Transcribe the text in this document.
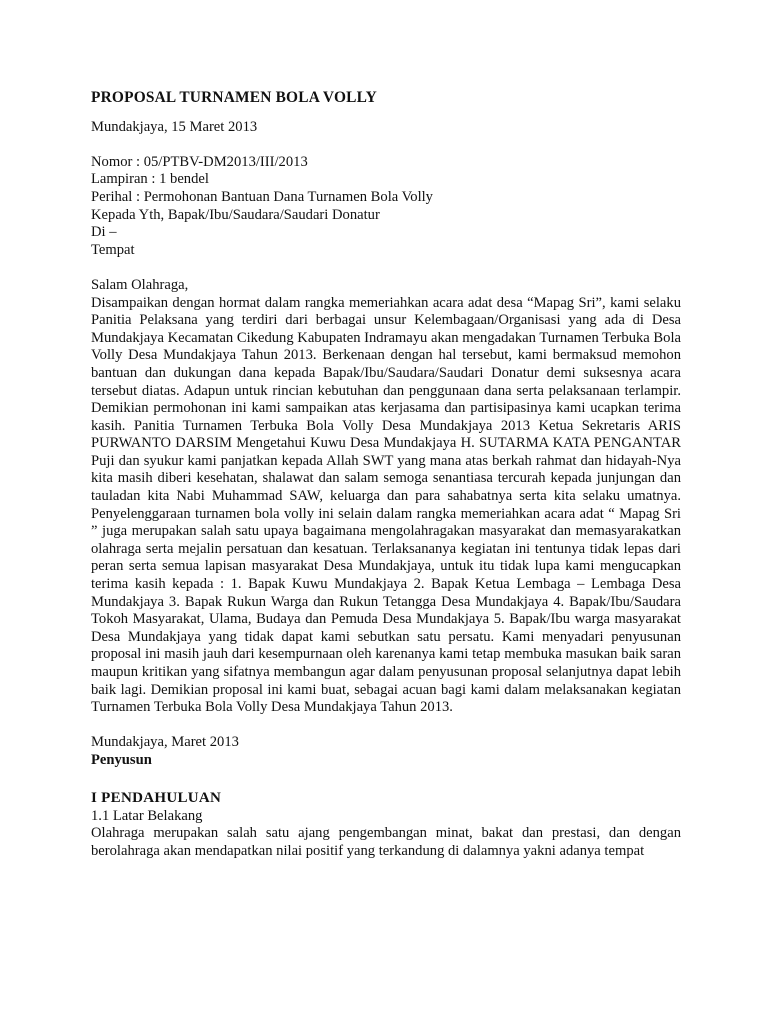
PROPOSAL TURNAMEN BOLA VOLLY

Mundakjaya, 15 Maret 2013

Nomor : 05/PTBV-DM2013/III/2013

Lampiran : 1 bendel

Perihal : Permohonan Bantuan Dana Turnamen Bola Volly

Kepada Yth, Bapak/Ibu/Saudara/Saudari Donatur

Di –

Tempat

Salam Olahraga,

Disampaikan dengan hormat dalam rangka memeriahkan acara adat desa “Mapag Sri”, kami selaku Panitia Pelaksana yang terdiri dari berbagai unsur Kelembagaan/Organisasi yang ada di Desa Mundakjaya Kecamatan Cikedung Kabupaten Indramayu akan mengadakan Turnamen Terbuka Bola Volly Desa Mundakjaya Tahun 2013. Berkenaan dengan hal tersebut, kami bermaksud memohon bantuan dan dukungan dana kepada Bapak/Ibu/Saudara/Saudari Donatur demi suksesnya acara tersebut diatas. Adapun untuk rincian kebutuhan dan penggunaan dana serta pelaksanaan terlampir. Demikian permohonan ini kami sampaikan atas kerjasama dan partisipasinya kami ucapkan terima kasih. Panitia Turnamen Terbuka Bola Volly Desa Mundakjaya 2013 Ketua Sekretaris ARIS PURWANTO DARSIM Mengetahui Kuwu Desa Mundakjaya H. SUTARMA KATA PENGANTAR Puji dan syukur kami panjatkan kepada Allah SWT yang mana atas berkah rahmat dan hidayah-Nya kita masih diberi kesehatan, shalawat dan salam semoga senantiasa tercurah kepada junjungan dan tauladan kita Nabi Muhammad SAW, keluarga dan para sahabatnya serta kita selaku umatnya. Penyelenggaraan turnamen bola volly ini selain dalam rangka memeriahkan acara adat “ Mapag Sri ” juga merupakan salah satu upaya bagaimana mengolahragakan masyarakat dan memasyarakatkan olahraga serta mejalin persatuan dan kesatuan. Terlaksananya kegiatan ini tentunya tidak lepas dari peran serta semua lapisan masyarakat Desa Mundakjaya, untuk itu tidak lupa kami mengucapkan terima kasih kepada : 1. Bapak Kuwu Mundakjaya 2. Bapak Ketua Lembaga – Lembaga Desa Mundakjaya 3. Bapak Rukun Warga dan Rukun Tetangga Desa Mundakjaya 4. Bapak/Ibu/Saudara Tokoh Masyarakat, Ulama, Budaya dan Pemuda Desa Mundakjaya 5. Bapak/Ibu warga masyarakat Desa Mundakjaya yang tidak dapat kami sebutkan satu persatu. Kami menyadari penyusunan proposal ini masih jauh dari kesempurnaan oleh karenanya kami tetap membuka masukan baik saran maupun kritikan yang sifatnya membangun agar dalam penyusunan proposal selanjutnya dapat lebih baik lagi. Demikian proposal ini kami buat, sebagai acuan bagi kami dalam melaksanakan kegiatan Turnamen Terbuka Bola Volly Desa Mundakjaya Tahun 2013.

Mundakjaya, Maret 2013

Penyusun

I PENDAHULUAN

1.1 Latar Belakang

Olahraga merupakan salah satu ajang pengembangan minat, bakat dan prestasi, dan dengan berolahraga akan mendapatkan nilai positif yang terkandung di dalamnya yakni adanya tempat
